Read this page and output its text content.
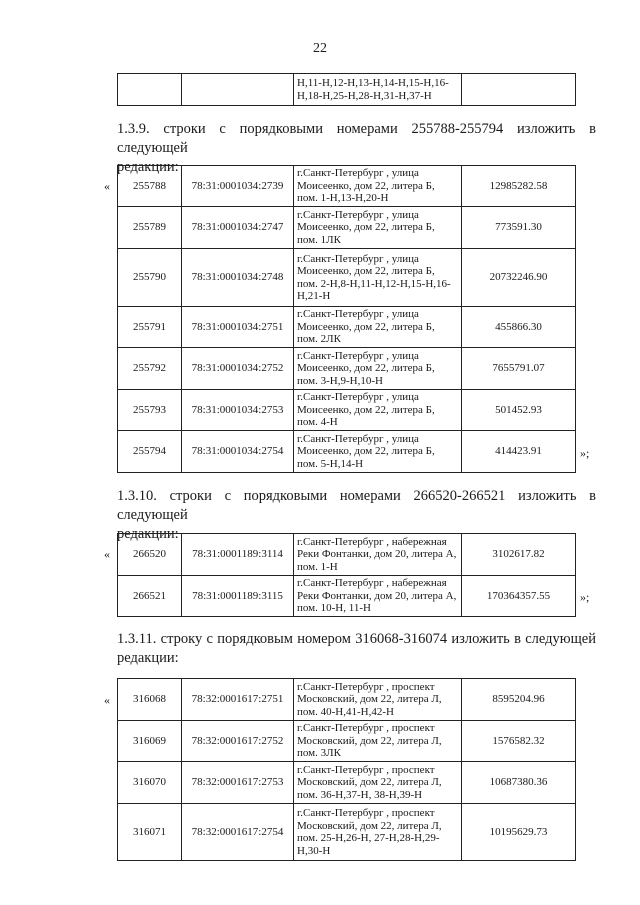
22
		Н,11-Н,12-Н,13-Н,14-Н,15-Н,16-Н,18-Н,25-Н,28-Н,31-Н,37-Н	
1.3.9. строки с порядковыми номерами 255788-255794 изложить в следующей
редакции:
« 255788	78:31:0001034:2739	г.Санкт-Петербург , улица Моисеенко, дом 22, литера Б, пом. 1-Н,13-Н,20-Н	12985282.58
255789	78:31:0001034:2747	г.Санкт-Петербург , улица Моисеенко, дом 22, литера Б, пом. 1ЛК	773591.30
255790	78:31:0001034:2748	г.Санкт-Петербург , улица Моисеенко, дом 22, литера Б, пом. 2-Н,8-Н,11-Н,12-Н,15-Н,16-Н,21-Н	20732246.90
255791	78:31:0001034:2751	г.Санкт-Петербург , улица Моисеенко, дом 22, литера Б, пом. 2ЛК	455866.30
255792	78:31:0001034:2752	г.Санкт-Петербург , улица Моисеенко, дом 22, литера Б, пом. 3-Н,9-Н,10-Н	7655791.07
255793	78:31:0001034:2753	г.Санкт-Петербург , улица Моисеенко, дом 22, литера Б, пом. 4-Н	501452.93
255794	78:31:0001034:2754	г.Санкт-Петербург , улица Моисеенко, дом 22, литера Б, пом. 5-Н,14-Н	414423.91	»;
1.3.10. строки с порядковыми номерами 266520-266521 изложить в следующей
редакции:
« 266520	78:31:0001189:3114	г.Санкт-Петербург , набережная Реки Фонтанки, дом 20, литера А, пом. 1-Н	3102617.82
266521	78:31:0001189:3115	г.Санкт-Петербург , набережная Реки Фонтанки, дом 20, литера А, пом. 10-Н, 11-Н	170364357.55 »;
1.3.11. строку с порядковым номером 316068-316074 изложить в следующей
редакции:
« 316068	78:32:0001617:2751	г.Санкт-Петербург , проспект Московский, дом 22, литера Л, пом. 40-Н,41-Н,42-Н	8595204.96
316069	78:32:0001617:2752	г.Санкт-Петербург , проспект Московский, дом 22, литера Л, пом. 3ЛК	1576582.32
316070	78:32:0001617:2753	г.Санкт-Петербург , проспект Московский, дом 22, литера Л, пом. 36-Н,37-Н, 38-Н,39-Н	10687380.36
316071	78:32:0001617:2754	г.Санкт-Петербург , проспект Московский, дом 22, литера Л, пом. 25-Н,26-Н, 27-Н,28-Н,29-Н,30-Н	10195629.73
